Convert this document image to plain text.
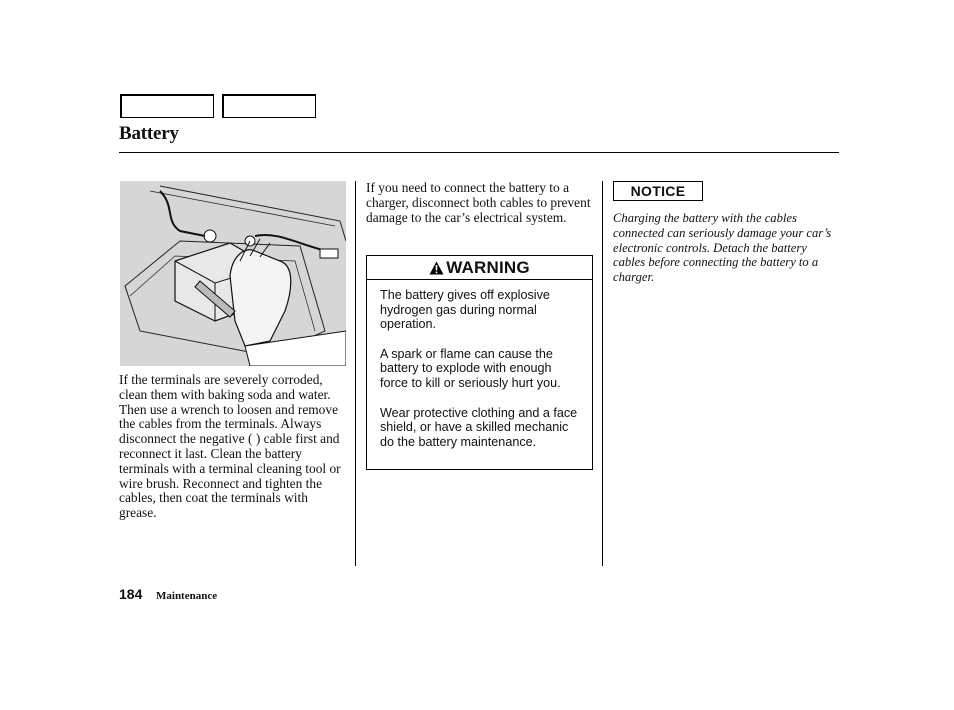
Battery
If the terminals are severely corroded, clean them with baking soda and water. Then use a wrench to loosen and remove the cables from the terminals. Always disconnect the negative ( ) cable first and reconnect it last. Clean the battery terminals with a terminal cleaning tool or wire brush. Reconnect and tighten the cables, then coat the terminals with grease.
If you need to connect the battery to a charger, disconnect both cables to prevent damage to the car’s electrical system.
WARNING

The battery gives off explosive hydrogen gas during normal operation.

A spark or flame can cause the battery to explode with enough force to kill or seriously hurt you.

Wear protective clothing and a face shield, or have a skilled mechanic do the battery maintenance.

NOTICE
Charging the battery with the cables connected can seriously damage your car’s electronic controls. Detach the battery cables before connecting the battery to a charger.
184 Maintenance
